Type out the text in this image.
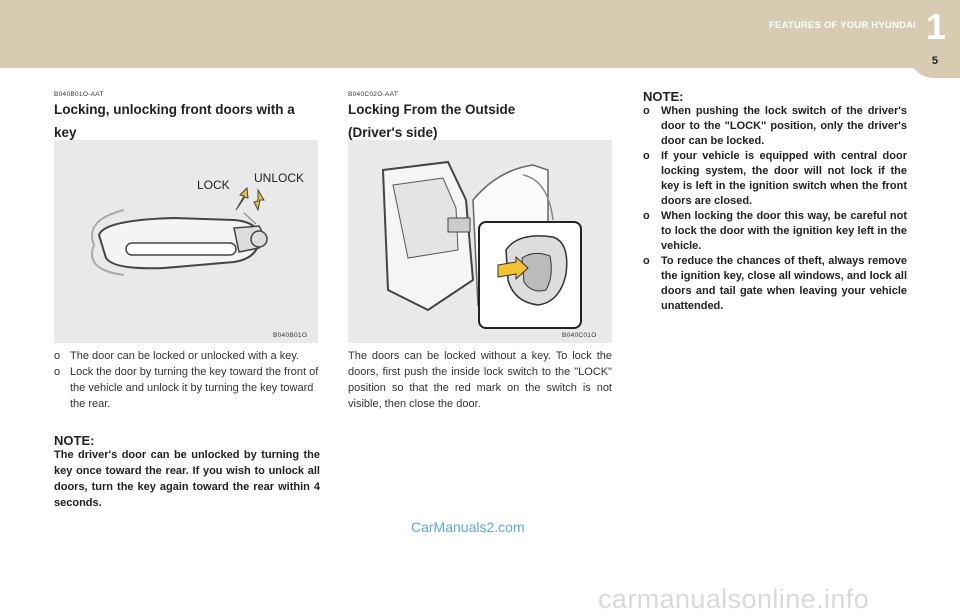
FEATURES OF YOUR HYUNDAI 1
5
B040B01O-AAT
Locking, unlocking front doors with a key
LOCK UNLOCK
B040B01O
o The door can be locked or unlocked with a key.
o Lock the door by turning the key toward the front of the vehicle and unlock it by turning the key toward the rear.
NOTE:
The driver's door can be unlocked by turning the key once toward the rear. If you wish to unlock all doors, turn the key again toward the rear within 4 seconds.
B040C02O-AAT
Locking From the Outside
(Driver's side)
B040C01O
The doors can be locked without a key. To lock the doors, first push the inside lock switch to the "LOCK" position so that the red mark on the switch is not visible, then close the door.
NOTE:
o When pushing the lock switch of the driver's door to the "LOCK" position, only the driver's door can be locked.
o If your vehicle is equipped with central door locking system, the door will not lock if the key is left in the ignition switch when the front doors are closed.
o When locking the door this way, be careful not to lock the door with the ignition key left in the vehicle.
o To reduce the chances of theft, always remove the ignition key, close all windows, and lock all doors and tail gate when leaving your vehicle unattended.
CarManuals2.com
carmanualsonline.info
